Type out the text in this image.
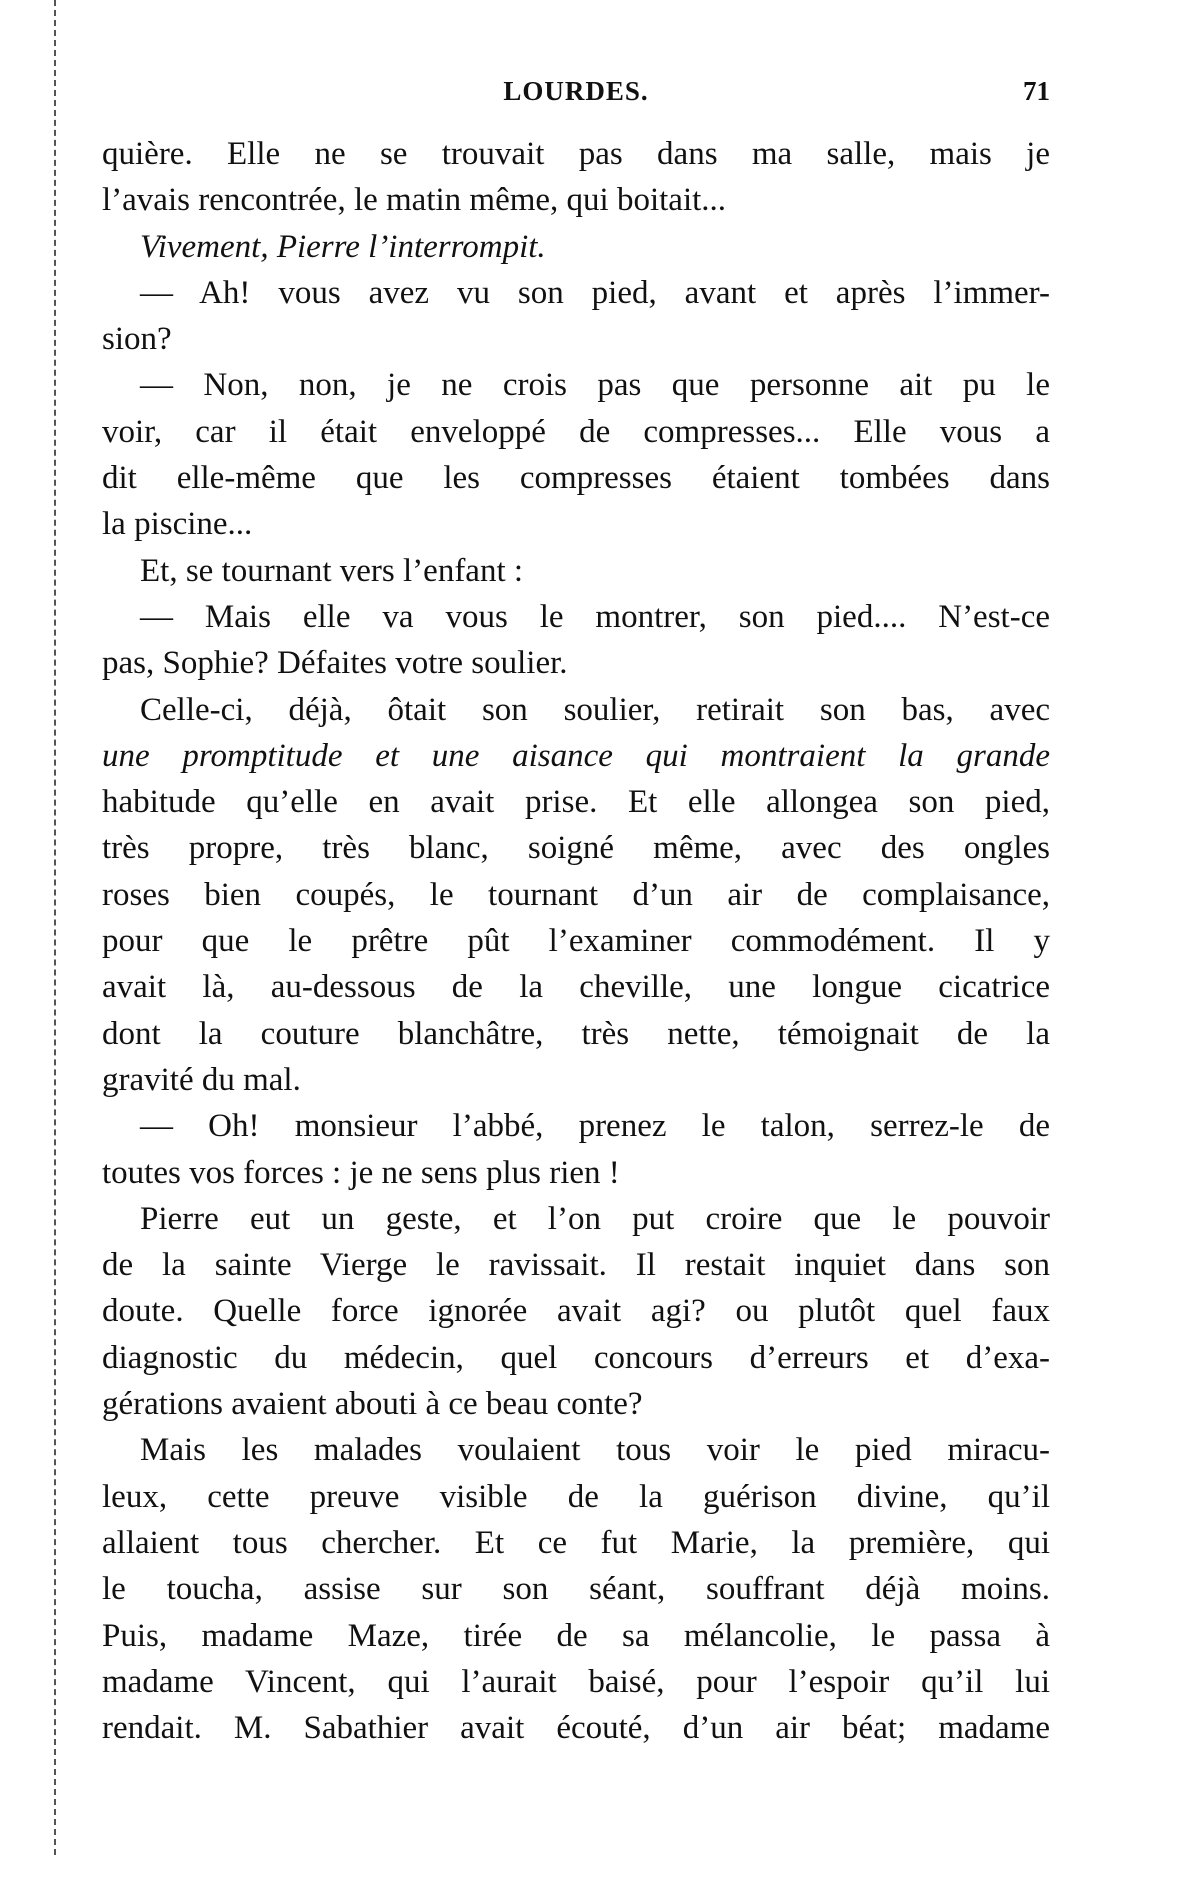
LOURDES.	71
quière. Elle ne se trouvait pas dans ma salle, mais je
l’avais rencontrée, le matin même, qui boitait...
Vivement, Pierre l’interrompit.
— Ah! vous avez vu son pied, avant et après l’immer-
sion?
— Non, non, je ne crois pas que personne ait pu le
voir, car il était enveloppé de compresses... Elle vous a
dit elle-même que les compresses étaient tombées dans
la piscine...
Et, se tournant vers l’enfant :
— Mais elle va vous le montrer, son pied.... N’est-ce
pas, Sophie? Défaites votre soulier.
Celle-ci, déjà, ôtait son soulier, retirait son bas, avec
une promptitude et une aisance qui montraient la grande
habitude qu’elle en avait prise. Et elle allongea son pied,
très propre, très blanc, soigné même, avec des ongles
roses bien coupés, le tournant d’un air de complaisance,
pour que le prêtre pût l’examiner commodément. Il y
avait là, au-dessous de la cheville, une longue cicatrice
dont la couture blanchâtre, très nette, témoignait de la
gravité du mal.
— Oh! monsieur l’abbé, prenez le talon, serrez-le de
toutes vos forces : je ne sens plus rien !
Pierre eut un geste, et l’on put croire que le pouvoir
de la sainte Vierge le ravissait. Il restait inquiet dans son
doute. Quelle force ignorée avait agi? ou plutôt quel faux
diagnostic du médecin, quel concours d’erreurs et d’exa-
gérations avaient abouti à ce beau conte?
Mais les malades voulaient tous voir le pied miracu-
leux, cette preuve visible de la guérison divine, qu’il
allaient tous chercher. Et ce fut Marie, la première, qui
le toucha, assise sur son séant, souffrant déjà moins.
Puis, madame Maze, tirée de sa mélancolie, le passa à
madame Vincent, qui l’aurait baisé, pour l’espoir qu’il lui
rendait. M. Sabathier avait écouté, d’un air béat; madame
